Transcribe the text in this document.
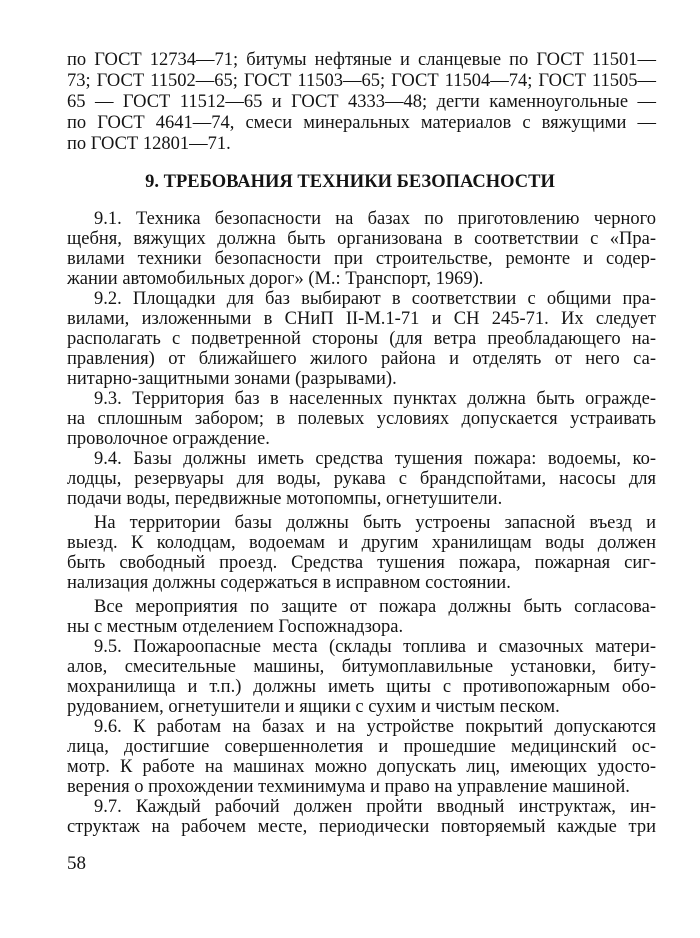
по ГОСТ 12734—71; битумы нефтяные и сланцевые по ГОСТ 11501—
73; ГОСТ 11502—65; ГОСТ 11503—65; ГОСТ 11504—74; ГОСТ 11505—
65 — ГОСТ 11512—65 и ГОСТ 4333—48; дегти каменноугольные —
по ГОСТ 4641—74, смеси минеральных материалов с вяжущими —
по ГОСТ 12801—71.
9. ТРЕБОВАНИЯ ТЕХНИКИ БЕЗОПАСНОСТИ
9.1. Техника безопасности на базах по приготовлению черного
щебня, вяжущих должна быть организована в соответствии с «Пра-
вилами техники безопасности при строительстве, ремонте и содер-
жании автомобильных дорог» (М.: Транспорт, 1969).
9.2. Площадки для баз выбирают в соответствии с общими пра-
вилами, изложенными в СНиП II-М.1-71 и СН 245-71. Их следует
располагать с подветренной стороны (для ветра преобладающего на-
правления) от ближайшего жилого района и отделять от него са-
нитарно-защитными зонами (разрывами).
9.3. Территория баз в населенных пунктах должна быть огражде-
на сплошным забором; в полевых условиях допускается устраивать
проволочное ограждение.
9.4. Базы должны иметь средства тушения пожара: водоемы, ко-
лодцы, резервуары для воды, рукава с брандспойтами, насосы для
подачи воды, передвижные мотопомпы, огнетушители.
На территории базы должны быть устроены запасной въезд и
выезд. К колодцам, водоемам и другим хранилищам воды должен
быть свободный проезд. Средства тушения пожара, пожарная сиг-
нализация должны содержаться в исправном состоянии.
Все мероприятия по защите от пожара должны быть согласова-
ны с местным отделением Госпожнадзора.
9.5. Пожароопасные места (склады топлива и смазочных матери-
алов, смесительные машины, битумоплавильные установки, биту-
мохранилища и т.п.) должны иметь щиты с противопожарным обо-
рудованием, огнетушители и ящики с сухим и чистым песком.
9.6. К работам на базах и на устройстве покрытий допускаются
лица, достигшие совершеннолетия и прошедшие медицинский ос-
мотр. К работе на машинах можно допускать лиц, имеющих удосто-
верения о прохождении техминимума и право на управление машиной.
9.7. Каждый рабочий должен пройти вводный инструктаж, ин-
структаж на рабочем месте, периодически повторяемый каждые три
58
